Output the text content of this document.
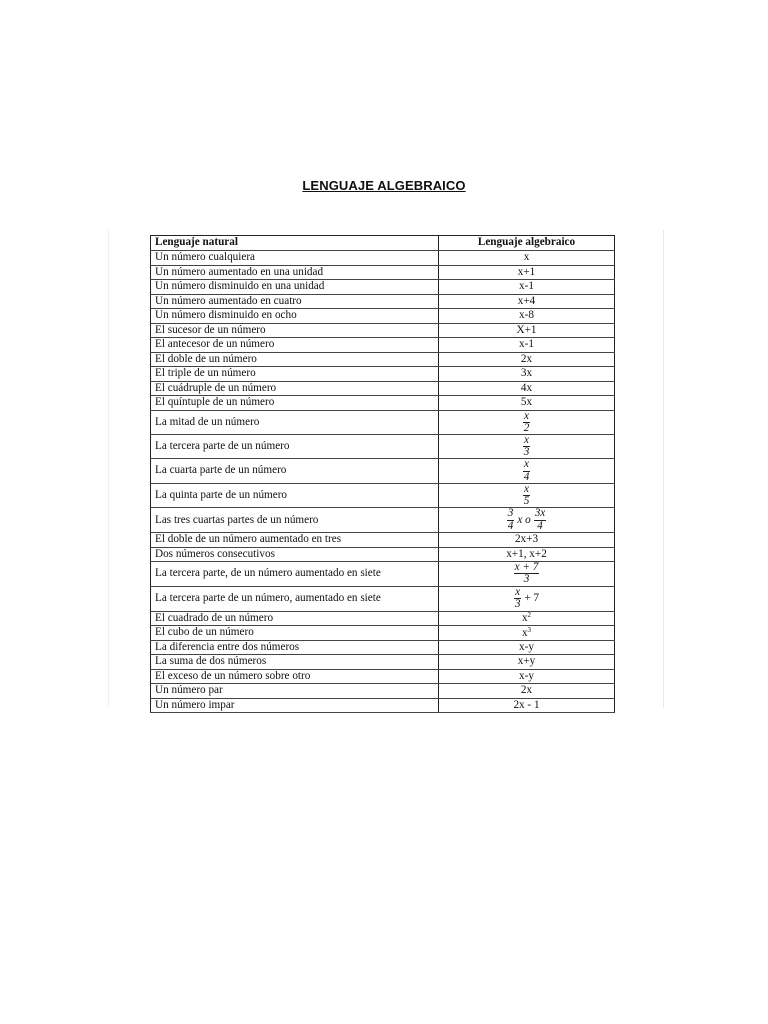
LENGUAJE ALGEBRAICO
Lenguaje natural	Lenguaje algebraico
Un número cualquiera	x
Un número aumentado en una unidad	x+1
Un número disminuido en una unidad	x-1
Un número aumentado en cuatro	x+4
Un número disminuido en ocho	x-8
El sucesor de un número	X+1
El antecesor de un número	x-1
El doble de un número	2x
El triple de un número	3x
El cuádruple de un número	4x
El quíntuple de un número	5x
La mitad de un número	$\frac{x}{2}$

La tercera parte de un número	$\frac{x}{3}$

La cuarta parte de un número	$\frac{x}{4}$

La quinta parte de un número	$\frac{x}{5}$

Las tres cuartas partes de un número	$\frac{3}{4}$ x o $\frac{3x}{4}$

El doble de un número aumentado en tres	2x+3
Dos números consecutivos	x+1, x+2
La tercera parte, de un número aumentado en siete	$\frac{x + 7}{3}$

La tercera parte de un número, aumentado en siete	$\frac{x}{3} + 7$
El cuadrado de un número	$x^2$
El cubo de un número	$x^3$
La diferencia entre dos números	x-y
La suma de dos números	x+y
El exceso de un número sobre otro	x-y
Un número par	2x
Un número impar	2x - 1
